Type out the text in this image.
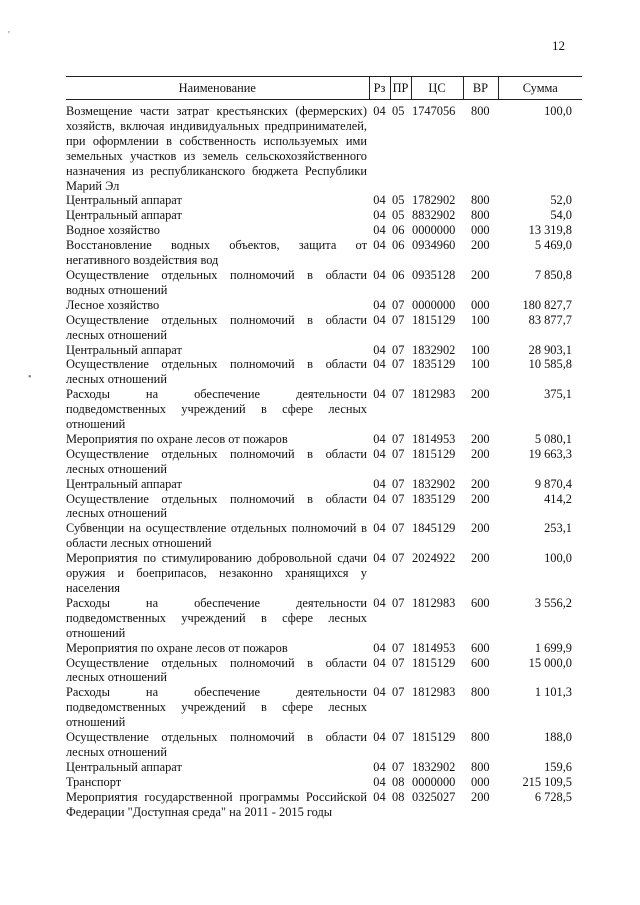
'
•
12
Наименование	Рз	ПР	ЦС	ВР	Сумма
Возмещение части затрат крестьянских (фермерских) хозяйств, включая индивидуальных предпринимателей, при оформлении в собственность используемых ими земельных участков из земель сельскохозяйственного назначения из республиканского бюджета Республики Марий Эл	04	05	1747056	800	100,0
Центральный аппарат	04	05	1782902	800	52,0
Центральный аппарат	04	05	8832902	800	54,0
Водное хозяйство	04	06	0000000	000	13 319,8
Восстановление водных объектов, защита от негативного воздействия вод	04	06	0934960	200	5 469,0
Осуществление отдельных полномочий в области водных отношений	04	06	0935128	200	7 850,8
Лесное хозяйство	04	07	0000000	000	180 827,7
Осуществление отдельных полномочий в области лесных отношений	04	07	1815129	100	83 877,7
Центральный аппарат	04	07	1832902	100	28 903,1
Осуществление отдельных полномочий в области лесных отношений	04	07	1835129	100	10 585,8
Расходы на обеспечение деятельности подведомственных учреждений в сфере лесных отношений	04	07	1812983	200	375,1
Мероприятия по охране лесов от пожаров	04	07	1814953	200	5 080,1
Осуществление отдельных полномочий в области лесных отношений	04	07	1815129	200	19 663,3
Центральный аппарат	04	07	1832902	200	9 870,4
Осуществление отдельных полномочий в области лесных отношений	04	07	1835129	200	414,2
Субвенции на осуществление отдельных полномочий в области лесных отношений	04	07	1845129	200	253,1
Мероприятия по стимулированию добровольной сдачи оружия и боеприпасов, незаконно хранящихся у населения	04	07	2024922	200	100,0
Расходы на обеспечение деятельности подведомственных учреждений в сфере лесных отношений	04	07	1812983	600	3 556,2
Мероприятия по охране лесов от пожаров	04	07	1814953	600	1 699,9
Осуществление отдельных полномочий в области лесных отношений	04	07	1815129	600	15 000,0
Расходы на обеспечение деятельности подведомственных учреждений в сфере лесных отношений	04	07	1812983	800	1 101,3
Осуществление отдельных полномочий в области лесных отношений	04	07	1815129	800	188,0
Центральный аппарат	04	07	1832902	800	159,6
Транспорт	04	08	0000000	000	215 109,5
Мероприятия государственной программы Российской Федерации "Доступная среда" на 2011 - 2015 годы	04	08	0325027	200	6 728,5
